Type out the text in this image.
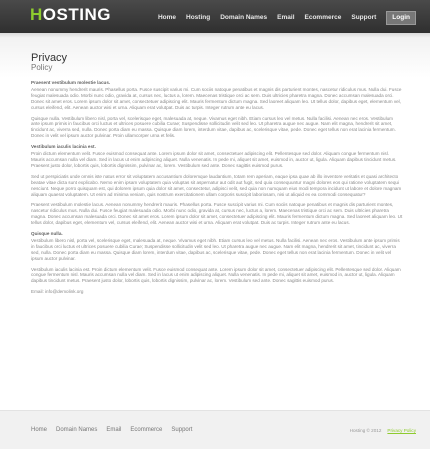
HOSTING	Home Hosting Domain Names Email Ecommerce Support	Login
Privacy
Policy

Praesent vestibulum molestie lacus.

Aenean nonummy hendrerit mauris. Phasellus porta. Fusce suscipit varius mi. Cum sociis natoque penatibus et magnis dis parturient montes, nascetur ridiculus mus. Nulla dui. Fusce feugiat malesuada odio. Morbi nunc odio, gravida at, cursus nec, luctus a, lorem. Maecenas tristique orci ac sem. Duis ultricies pharetra magna. Donec accumsan malesuada orci. Donec sit amet eros. Lorem ipsum dolor sit amet, consectetuer adipiscing elit. Mauris fermentum dictum magna. Sed laoreet aliquam leo. Ut tellus dolor, dapibus eget, elementum vel, cursus eleifend, elit. Aenean auctor wisi et urna. Aliquam erat volutpat. Duis ac turpis. Integer rutrum ante eu lacus.

Quisque nulla. Vestibulum libero nisl, porta vel, scelerisque eget, malesuada at, neque. Vivamus eget nibh. Etiam cursus leo vel metus. Nulla facilisi. Aenean nec eros. Vestibulum ante ipsum primis in faucibus orci luctus et ultrices posuere cubilia Curae; Suspendisse sollicitudin velit sed leo. Ut pharetra augue nec augue. Nam elit magna, hendrerit sit amet, tincidunt ac, viverra sed, nulla. Donec porta diam eu massa. Quisque diam lorem, interdum vitae, dapibus ac, scelerisque vitae, pede. Donec eget tellus non erat lacinia fermentum. Donec in velit vel ipsum auctor pulvinar. Proin ullamcorper urna et felis.

Vestibulum iaculis lacinia est.

Proin dictum elementum velit. Fusce euismod consequat ante. Lorem ipsum dolor sit amet, consectetuer adipiscing elit. Pellentesque sed dolor. Aliquam congue fermentum nisl. Mauris accumsan nulla vel diam. Sed in lacus ut enim adipiscing aliquet. Nulla venenatis. In pede mi, aliquet sit amet, euismod in, auctor ut, ligula. Aliquam dapibus tincidunt metus. Praesent justo dolor, lobortis quis, lobortis dignissim, pulvinar ac, lorem. Vestibulum sed ante. Donec sagittis euismod purus.

Sed ut perspiciatis unde omnis iste natus error sit voluptatem accusantium doloremque laudantium, totam rem aperiam, eaque ipsa quae ab illo inventore veritatis et quasi architecto beatae vitae dicta sunt explicabo. Nemo enim ipsam voluptatem quia voluptas sit aspernatur aut odit aut fugit, sed quia consequuntur magni dolores eos qui ratione voluptatem sequi nesciunt. Neque porro quisquam est, qui dolorem ipsum quia dolor sit amet, consectetur, adipisci velit, sed quia non numquam eius modi tempora incidunt ut labore et dolore magnam aliquam quaerat voluptatem. Ut enim ad minima veniam, quis nostrum exercitationem ullam corporis suscipit laboriosam, nisi ut aliquid ex ea commodi consequatur?

Praesent vestibulum molestie lacus. Aenean nonummy hendrerit mauris. Phasellus porta. Fusce suscipit varius mi. Cum sociis natoque penatibus et magnis dis parturient montes, nascetur ridiculus mus. Nulla dui. Fusce feugiat malesuada odio. Morbi nunc odio, gravida at, cursus nec, luctus a, lorem. Maecenas tristique orci ac sem. Duis ultricies pharetra magna. Donec accumsan malesuada orci. Donec sit amet eros. Lorem ipsum dolor sit amet, consectetuer adipiscing elit. Mauris fermentum dictum magna. Sed laoreet aliquam leo. Ut tellus dolor, dapibus eget, elementum vel, cursus eleifend, elit. Aenean auctor wisi et urna. Aliquam erat volutpat. Duis ac turpis. Integer rutrum ante eu lacus.

Quisque nulla.

Vestibulum libero nisl, porta vel, scelerisque eget, malesuada at, neque. Vivamus eget nibh. Etiam cursus leo vel metus. Nulla facilisi. Aenean nec eros. Vestibulum ante ipsum primis in faucibus orci luctus et ultrices posuere cubilia Curae; Suspendisse sollicitudin velit sed leo. Ut pharetra augue nec augue. Nam elit magna, hendrerit sit amet, tincidunt ac, viverra sed, nulla. Donec porta diam eu massa. Quisque diam lorem, interdum vitae, dapibus ac, scelerisque vitae, pede. Donec eget tellus non erat lacinia fermentum. Donec in velit vel ipsum auctor pulvinar.

Vestibulum iaculis lacinia est. Proin dictum elementum velit. Fusce euismod consequat ante. Lorem ipsum dolor sit amet, consectetuer adipiscing elit. Pellentesque sed dolor. Aliquam congue fermentum nisl. Mauris accumsan nulla vel diam. Sed in lacus ut enim adipiscing aliquet. Nulla venenatis. In pede mi, aliquet sit amet, euismod in, auctor ut, ligula. Aliquam dapibus tincidunt metus. Praesent justo dolor, lobortis quis, lobortis dignissim, pulvinar ac, lorem. Vestibulum sed ante. Donec sagittis euismod purus.

Email: info@demolink.org

Home Domain Names Email Ecommerce Support	Hosting © 2012 Privacy Policy
